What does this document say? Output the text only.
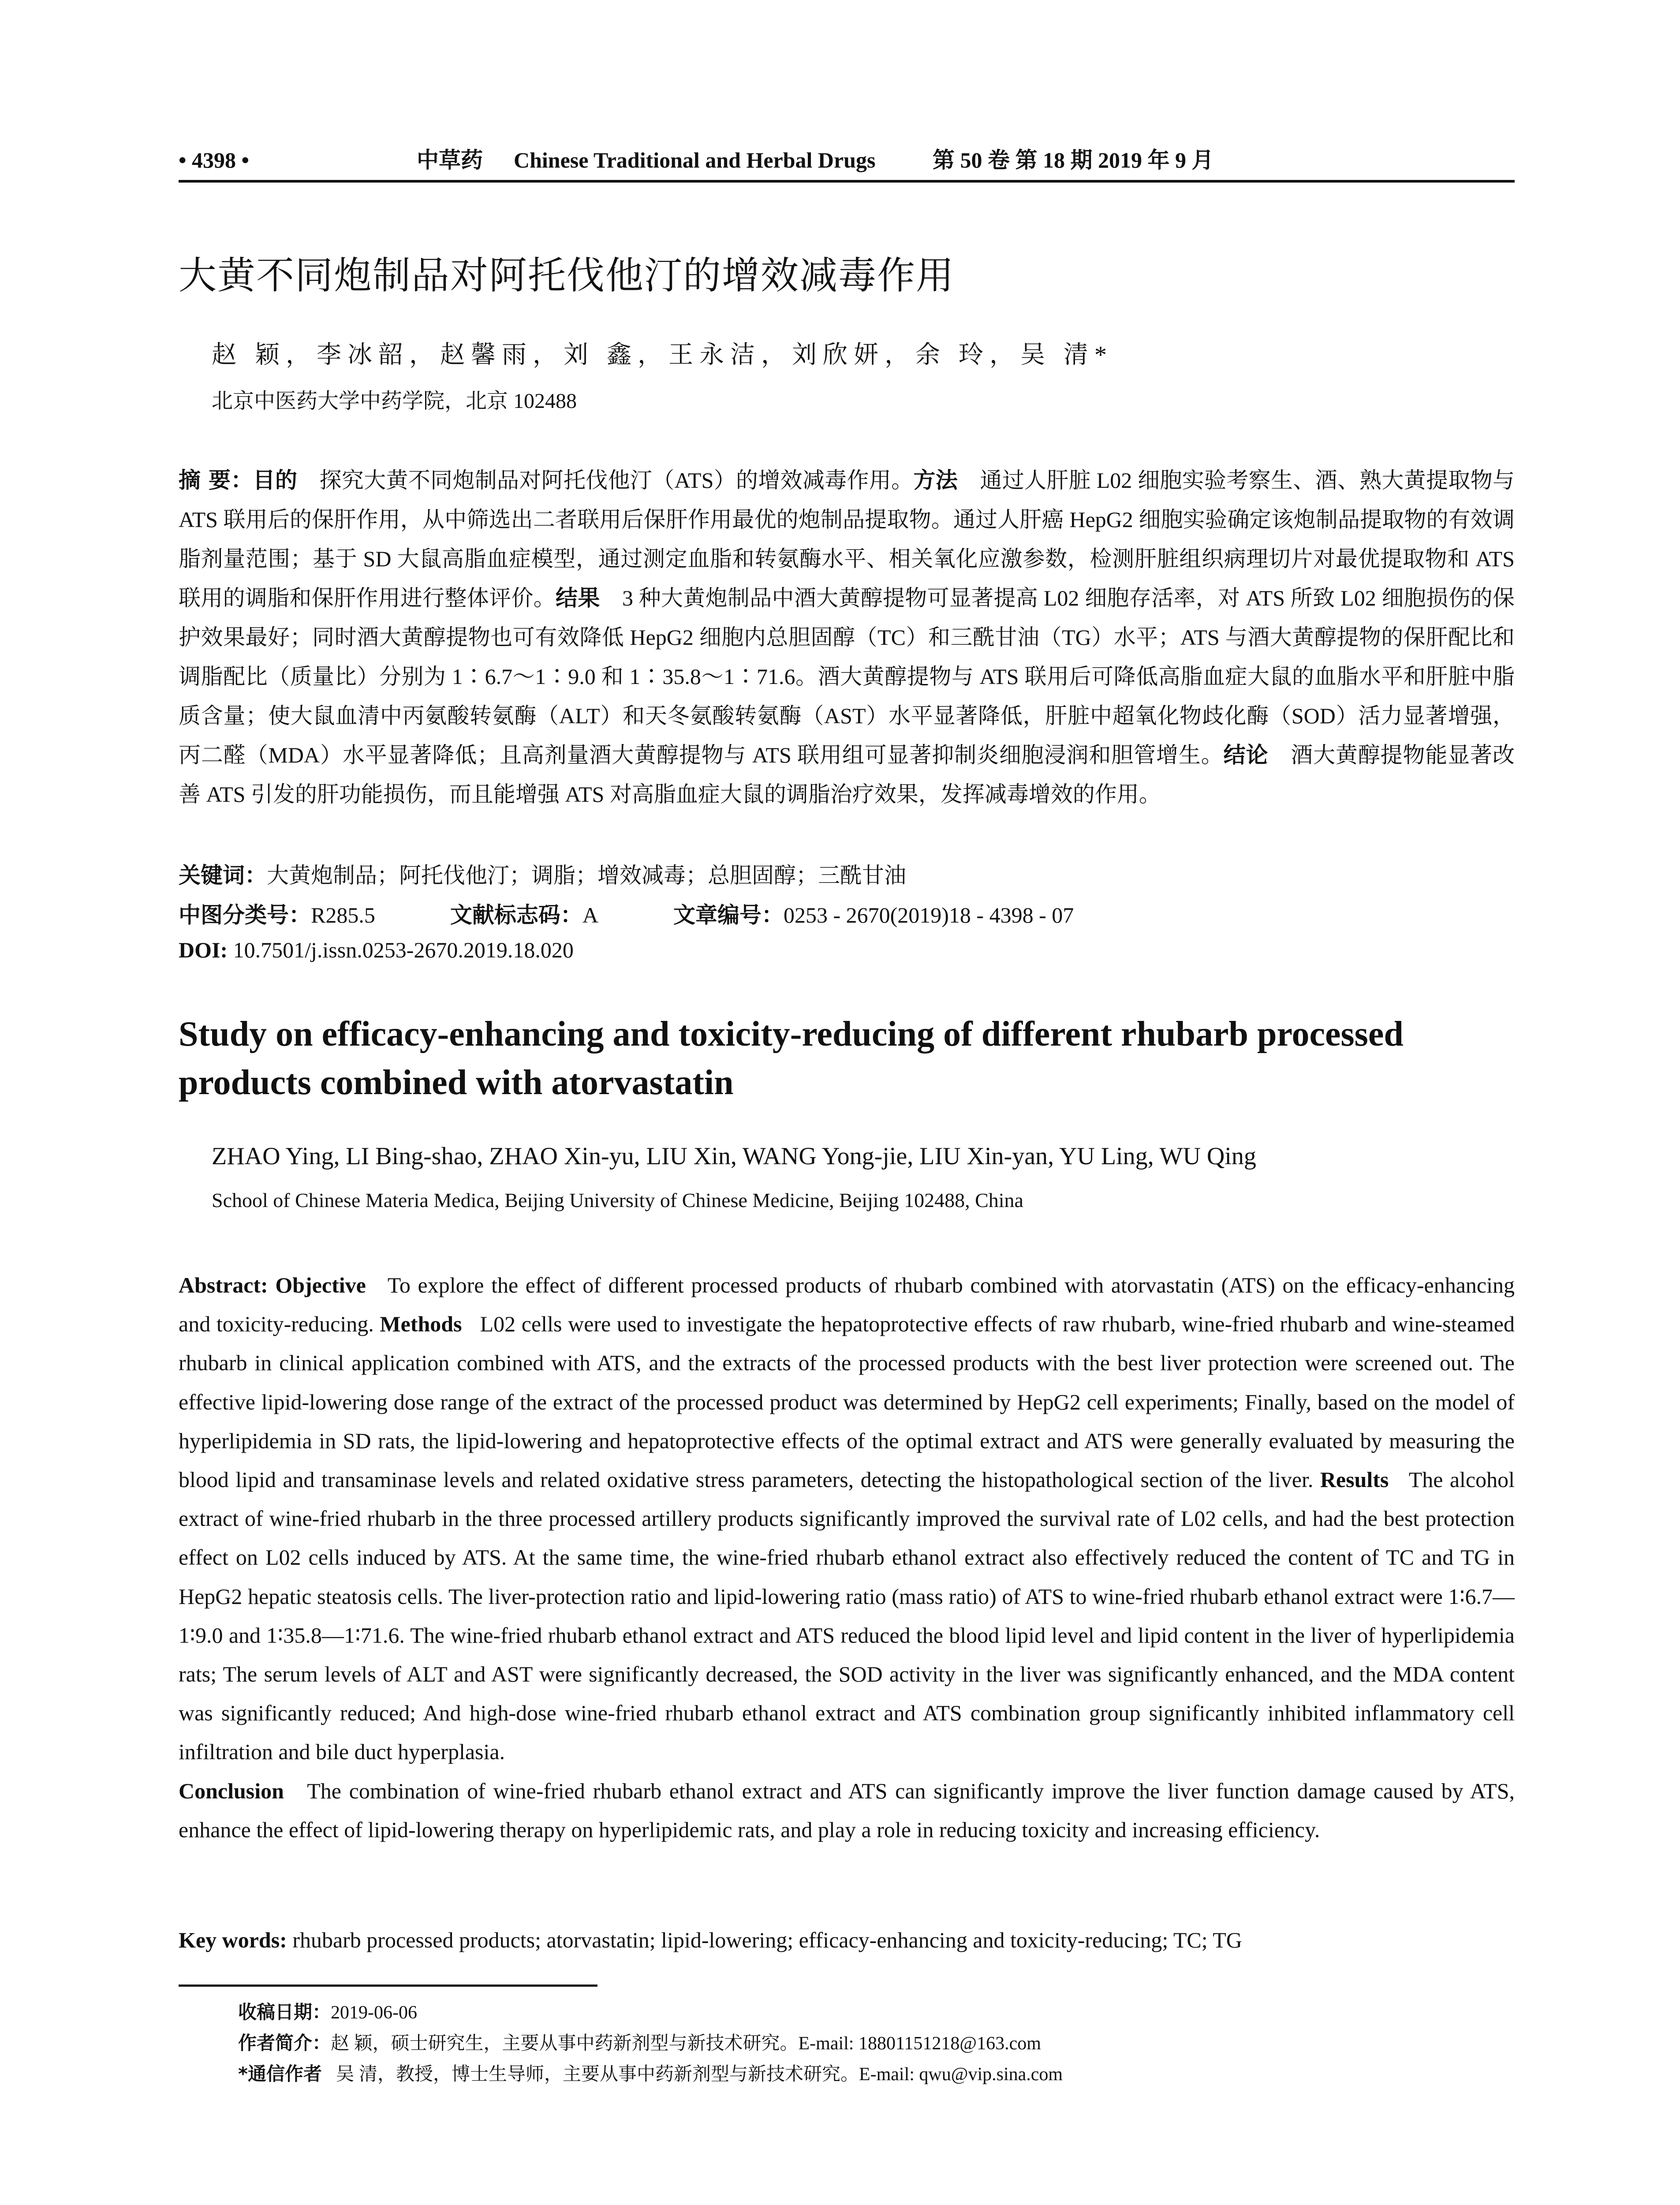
• 4398 •	中草药 Chinese Traditional and Herbal Drugs	第 50 卷 第 18 期 2019 年 9 月
大黄不同炮制品对阿托伐他汀的增效减毒作用
赵 颖，李冰韶，赵馨雨，刘 鑫，王永洁，刘欣妍，余 玲，吴 清*
北京中医药大学中药学院，北京 102488
摘 要：目的　 探究大黄不同炮制品对阿托伐他汀（ATS）的增效减毒作用。方法　 通过人肝脏 L02 细胞实验考察生、酒、熟大黄提取物与 ATS 联用后的保肝作用，从中筛选出二者联用后保肝作用最优的炮制品提取物。通过人肝癌 HepG2 细胞实验确定该炮制品提取物的有效调脂剂量范围；基于 SD 大鼠高脂血症模型，通过测定血脂和转氨酶水平、相关氧化应激参数，检测肝脏组织病理切片对最优提取物和 ATS 联用的调脂和保肝作用进行整体评价。结果　 3 种大黄炮制品中酒大黄醇提物可显著提高 L02 细胞存活率，对 ATS 所致 L02 细胞损伤的保护效果最好；同时酒大黄醇提物也可有效降低 HepG2 细胞内总胆固醇（TC）和三酰甘油（TG）水平；ATS 与酒大黄醇提物的保肝配比和调脂配比（质量比）分别为 1∶6.7～1∶9.0 和 1∶35.8～1∶71.6。酒大黄醇提物与 ATS 联用后可降低高脂血症大鼠的血脂水平和肝脏中脂质含量；使大鼠血清中丙氨酸转氨酶（ALT）和天冬氨酸转氨酶（AST）水平显著降低，肝脏中超氧化物歧化酶（SOD）活力显著增强，丙二醛（MDA）水平显著降低；且高剂量酒大黄醇提物与 ATS 联用组可显著抑制炎细胞浸润和胆管增生。结论　 酒大黄醇提物能显著改善 ATS 引发的肝功能损伤，而且能增强 ATS 对高脂血症大鼠的调脂治疗效果，发挥减毒增效的作用。
关键词：大黄炮制品；阿托伐他汀；调脂；增效减毒；总胆固醇；三酰甘油
中图分类号：R285.5	文献标志码：A	文章编号：0253 - 2670(2019)18 - 4398 - 07
DOI: 10.7501/j.issn.0253-2670.2019.18.020
Study on efficacy-enhancing and toxicity-reducing of different rhubarb processed products combined with atorvastatin
ZHAO Ying, LI Bing-shao, ZHAO Xin-yu, LIU Xin, WANG Yong-jie, LIU Xin-yan, YU Ling, WU Qing
School of Chinese Materia Medica, Beijing University of Chinese Medicine, Beijing 102488, China
Abstract: Objective To explore the effect of different processed products of rhubarb combined with atorvastatin (ATS) on the efficacy-enhancing and toxicity-reducing. Methods L02 cells were used to investigate the hepatoprotective effects of raw rhubarb, wine-fried rhubarb and wine-steamed rhubarb in clinical application combined with ATS, and the extracts of the processed products with the best liver protection were screened out. The effective lipid-lowering dose range of the extract of the processed product was determined by HepG2 cell experiments; Finally, based on the model of hyperlipidemia in SD rats, the lipid-lowering and hepatoprotective effects of the optimal extract and ATS were generally evaluated by measuring the blood lipid and transaminase levels and related oxidative stress parameters, detecting the histopathological section of the liver. Results The alcohol extract of wine-fried rhubarb in the three processed artillery products significantly improved the survival rate of L02 cells, and had the best protection effect on L02 cells induced by ATS. At the same time, the wine-fried rhubarb ethanol extract also effectively reduced the content of TC and TG in HepG2 hepatic steatosis cells. The liver-protection ratio and lipid-lowering ratio (mass ratio) of ATS to wine-fried rhubarb ethanol extract were 1∶6.7—1∶9.0 and 1∶35.8—1∶71.6. The wine-fried rhubarb ethanol extract and ATS reduced the blood lipid level and lipid content in the liver of hyperlipidemia rats; The serum levels of ALT and AST were significantly decreased, the SOD activity in the liver was significantly enhanced, and the MDA content was significantly reduced; And high-dose wine-fried rhubarb ethanol extract and ATS combination group significantly inhibited inflammatory cell infiltration and bile duct hyperplasia.
Conclusion The combination of wine-fried rhubarb ethanol extract and ATS can significantly improve the liver function damage caused by ATS, enhance the effect of lipid-lowering therapy on hyperlipidemic rats, and play a role in reducing toxicity and increasing efficiency.
Key words: rhubarb processed products; atorvastatin; lipid-lowering; efficacy-enhancing and toxicity-reducing; TC; TG
收稿日期：2019-06-06
作者简介：赵 颖，硕士研究生，主要从事中药新剂型与新技术研究。E-mail: 18801151218@163.com
*通信作者 吴 清，教授，博士生导师，主要从事中药新剂型与新技术研究。E-mail: qwu@vip.sina.com
